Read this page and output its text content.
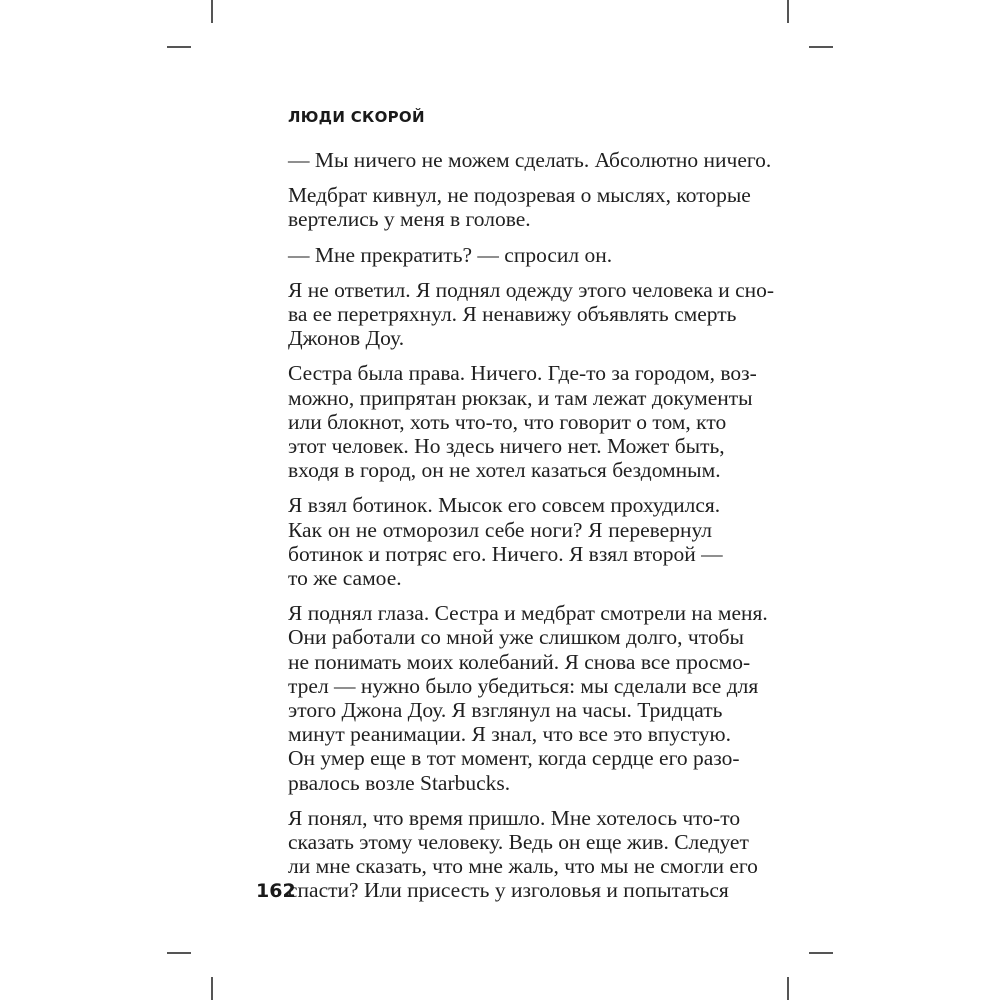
ЛЮДИ СКОРОЙ
— Мы ничего не можем сделать. Абсолютно ничего.
Медбрат кивнул, не подозревая о мыслях, которые
вертелись у меня в голове.
— Мне прекратить? — спросил он.
Я не ответил. Я поднял одежду этого человека и сно-
ва ее перетряхнул. Я ненавижу объявлять смерть
Джонов Доу.
Сестра была права. Ничего. Где-то за городом, воз-
можно, припрятан рюкзак, и там лежат документы
или блокнот, хоть что-то, что говорит о том, кто
этот человек. Но здесь ничего нет. Может быть,
входя в город, он не хотел казаться бездомным.
Я взял ботинок. Мысок его совсем прохудился.
Как он не отморозил себе ноги? Я перевернул
ботинок и потряс его. Ничего. Я взял второй —
то же самое.
Я поднял глаза. Сестра и медбрат смотрели на меня.
Они работали со мной уже слишком долго, чтобы
не понимать моих колебаний. Я снова все просмо-
трел — нужно было убедиться: мы сделали все для
этого Джона Доу. Я взглянул на часы. Тридцать
минут реанимации. Я знал, что все это впустую.
Он умер еще в тот момент, когда сердце его разо-
рвалось возле Starbucks.
Я понял, что время пришло. Мне хотелось что-то
сказать этому человеку. Ведь он еще жив. Следует
ли мне сказать, что мне жаль, что мы не смогли его
спасти? Или присесть у изголовья и попытаться
162
